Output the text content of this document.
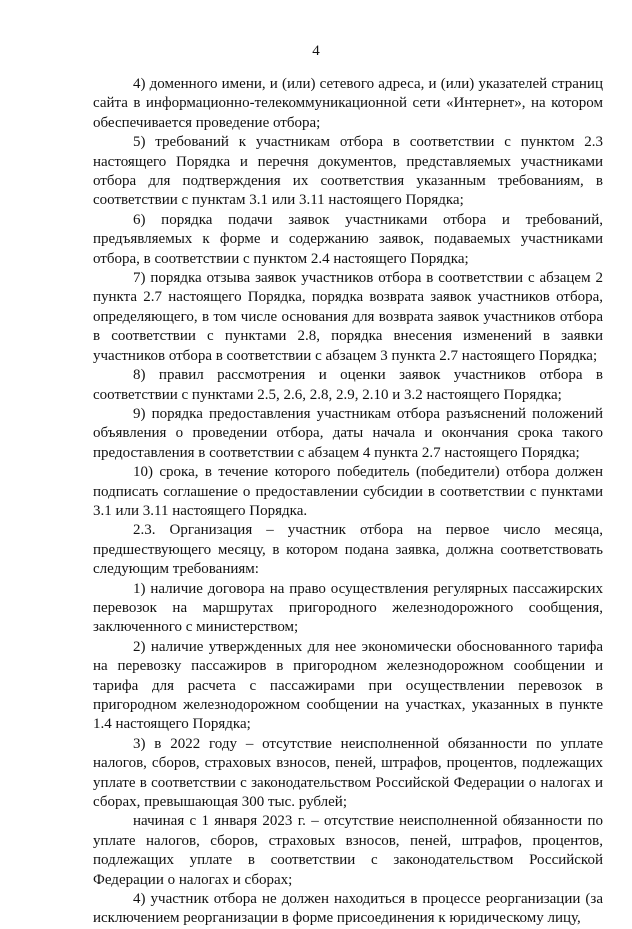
4

4) доменного имени, и (или) сетевого адреса, и (или) указателей страниц сайта в информационно-телекоммуникационной сети «Интернет», на котором обеспечивается проведение отбора;

5) требований к участникам отбора в соответствии с пунктом 2.3 настоящего Порядка и перечня документов, представляемых участниками отбора для подтверждения их соответствия указанным требованиям, в соответствии с пунктам 3.1 или 3.11 настоящего Порядка;

6) порядка подачи заявок участниками отбора и требований, предъявляемых к форме и содержанию заявок, подаваемых участниками отбора, в соответствии с пунктом 2.4 настоящего Порядка;

7) порядка отзыва заявок участников отбора в соответствии с абзацем 2 пункта 2.7 настоящего Порядка, порядка возврата заявок участников отбора, определяющего, в том числе основания для возврата заявок участников отбора в соответствии с пунктами 2.8, порядка внесения изменений в заявки участников отбора в соответствии с абзацем 3 пункта 2.7 настоящего Порядка;

8) правил рассмотрения и оценки заявок участников отбора в соответствии с пунктами 2.5, 2.6, 2.8, 2.9, 2.10 и 3.2 настоящего Порядка;

9) порядка предоставления участникам отбора разъяснений положений объявления о проведении отбора, даты начала и окончания срока такого предоставления в соответствии с абзацем 4 пункта 2.7 настоящего Порядка;

10) срока, в течение которого победитель (победители) отбора должен подписать соглашение о предоставлении субсидии в соответствии с пунктами 3.1 или 3.11 настоящего Порядка.

2.3. Организация – участник отбора на первое число месяца, предшествующего месяцу, в котором подана заявка, должна соответствовать следующим требованиям:

1) наличие договора на право осуществления регулярных пассажирских перевозок на маршрутах пригородного железнодорожного сообщения, заключенного с министерством;

2) наличие утвержденных для нее экономически обоснованного тарифа на перевозку пассажиров в пригородном железнодорожном сообщении и тарифа для расчета с пассажирами при осуществлении перевозок в пригородном железнодорожном сообщении на участках, указанных в пункте 1.4 настоящего Порядка;

3) в 2022 году – отсутствие неисполненной обязанности по уплате налогов, сборов, страховых взносов, пеней, штрафов, процентов, подлежащих уплате в соответствии с законодательством Российской Федерации о налогах и сборах, превышающая 300 тыс. рублей;

начиная с 1 января 2023 г. – отсутствие неисполненной обязанности по уплате налогов, сборов, страховых взносов, пеней, штрафов, процентов, подлежащих уплате в соответствии с законодательством Российской Федерации о налогах и сборах;

4) участник отбора не должен находиться в процессе реорганизации (за исключением реорганизации в форме присоединения к юридическому лицу,
